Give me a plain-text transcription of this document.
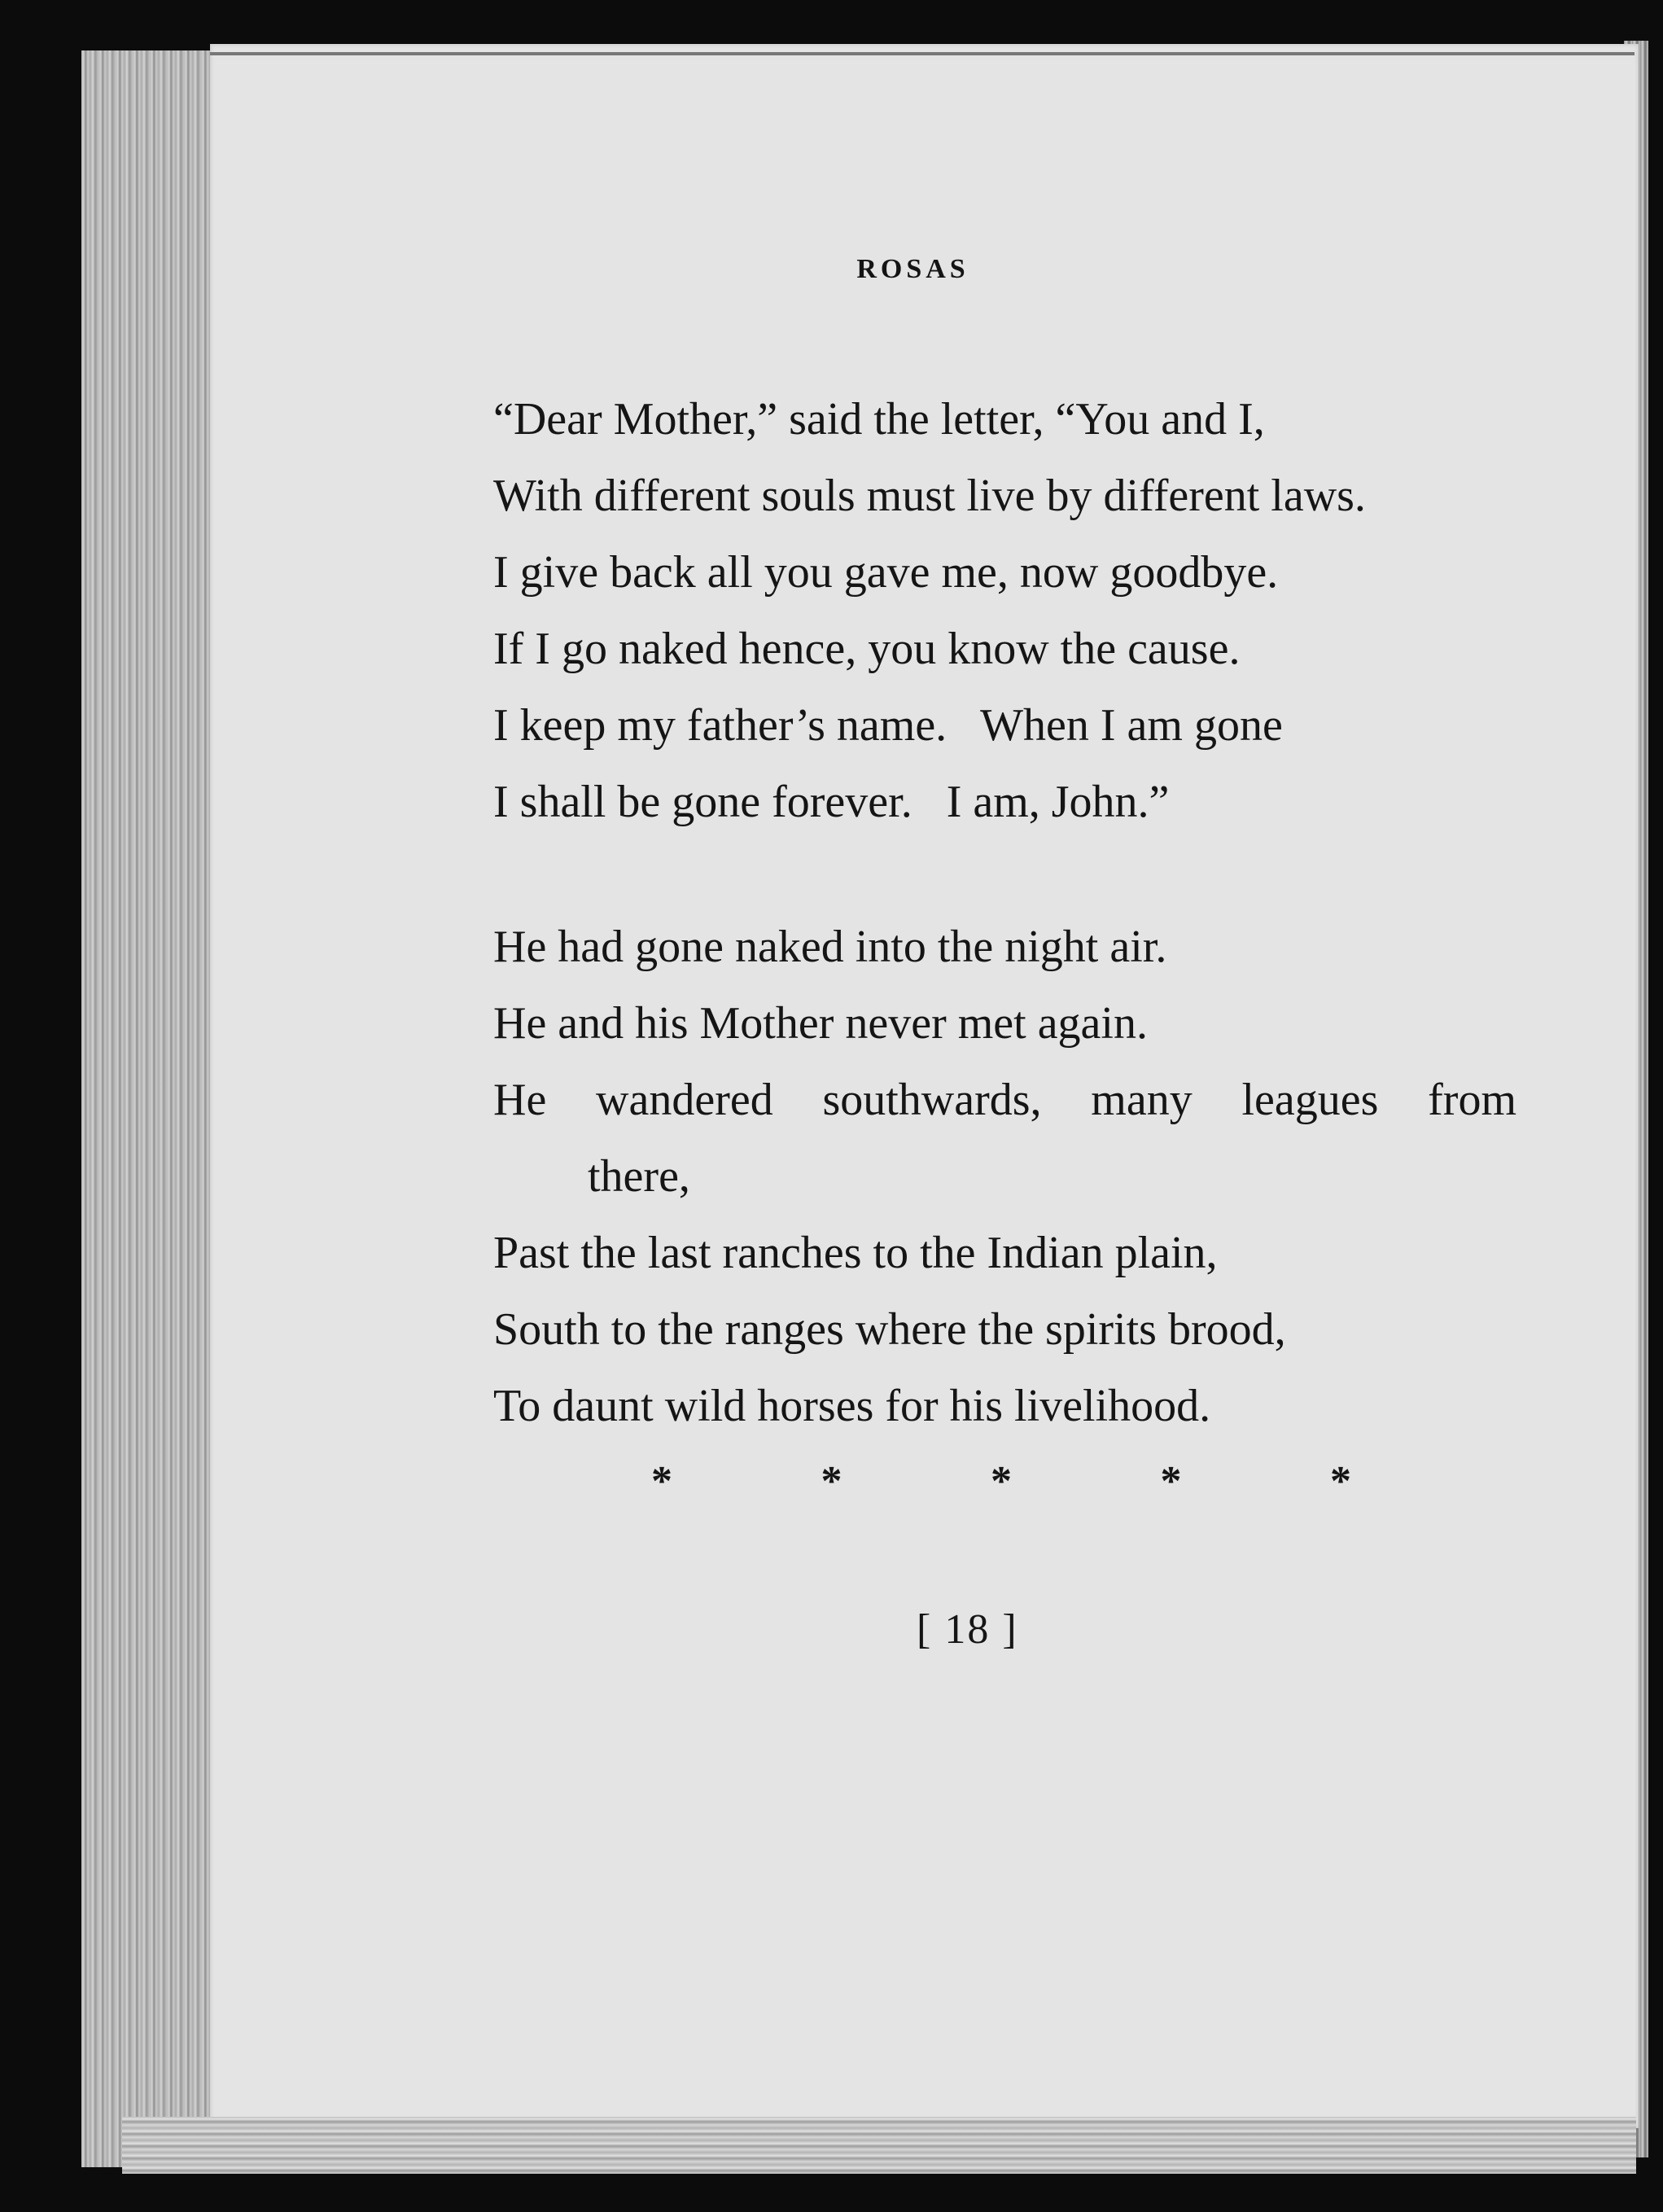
ROSAS
“Dear Mother,” said the letter, “You and I,
With different souls must live by different laws.
I give back all you gave me, now goodbye.
If I go naked hence, you know the cause.
I keep my father’s name.   When I am gone
I shall be gone forever.   I am, John.”
He had gone naked into the night air.
He and his Mother never met again.
He wandered southwards, many leagues from
there,
Past the last ranches to the Indian plain,
South to the ranges where the spirits brood,
To daunt wild horses for his livelihood.
*	*	*	*	*
[ 18 ]
